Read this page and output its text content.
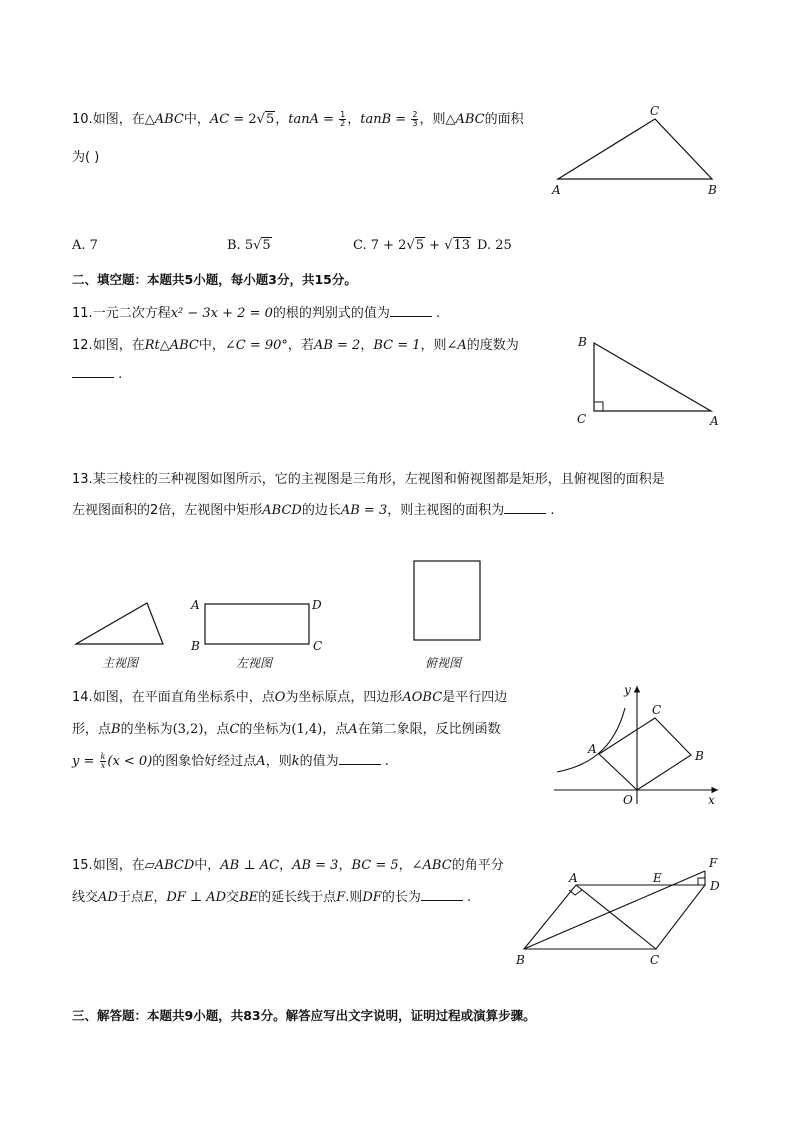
10.如图，在△ABC中，AC = 2√5，$\tan A = \frac{1}{2}$ ，$\tan B = \frac{2}{3}$ ，则△ABC的面积
为( )
A	B
C
A. 7	B. 5√5	C. 7 + 2√5 + √13 D. 25
二、填空题：本题共5小题，每小题3分，共15分。
11.一元二次方程x² − 3x + 2 = 0的根的判别式的值为	.
12.如图，在Rt△ABC中，∠C = 90°，若AB = 2，BC = 1，则∠A的度数为
.
B
C	A
13.某三棱柱的三种视图如图所示，它的主视图是三角形，左视图和俯视图都是矩形，且俯视图的面积是
左视图面积的2倍，左视图中矩形ABCD的边长AB = 3，则主视图的面积为	.
A	D
B	C
主视图	左视图	俯视图
14.如图，在平面直角坐标系中，点O为坐标原点，四边形AOBC是平行四边
形，点B的坐标为(3,2)，点C的坐标为(1,4)，点A在第二象限，反比例函数
$y = \frac{k}{x} (x < 0)$的图象恰好经过点A，则k的值为	.
y
x
O
A	B
C
15.如图，在▱ABCD中，AB ⊥ AC，AB = 3，BC = 5，∠ABC的角平分
线交AD于点E，DF ⊥ AD交BE的延长线于点F.则DF的长为	.
A	E
F
D
B	C
三、解答题：本题共9小题，共83分。解答应写出文字说明，证明过程或演算步骤。
